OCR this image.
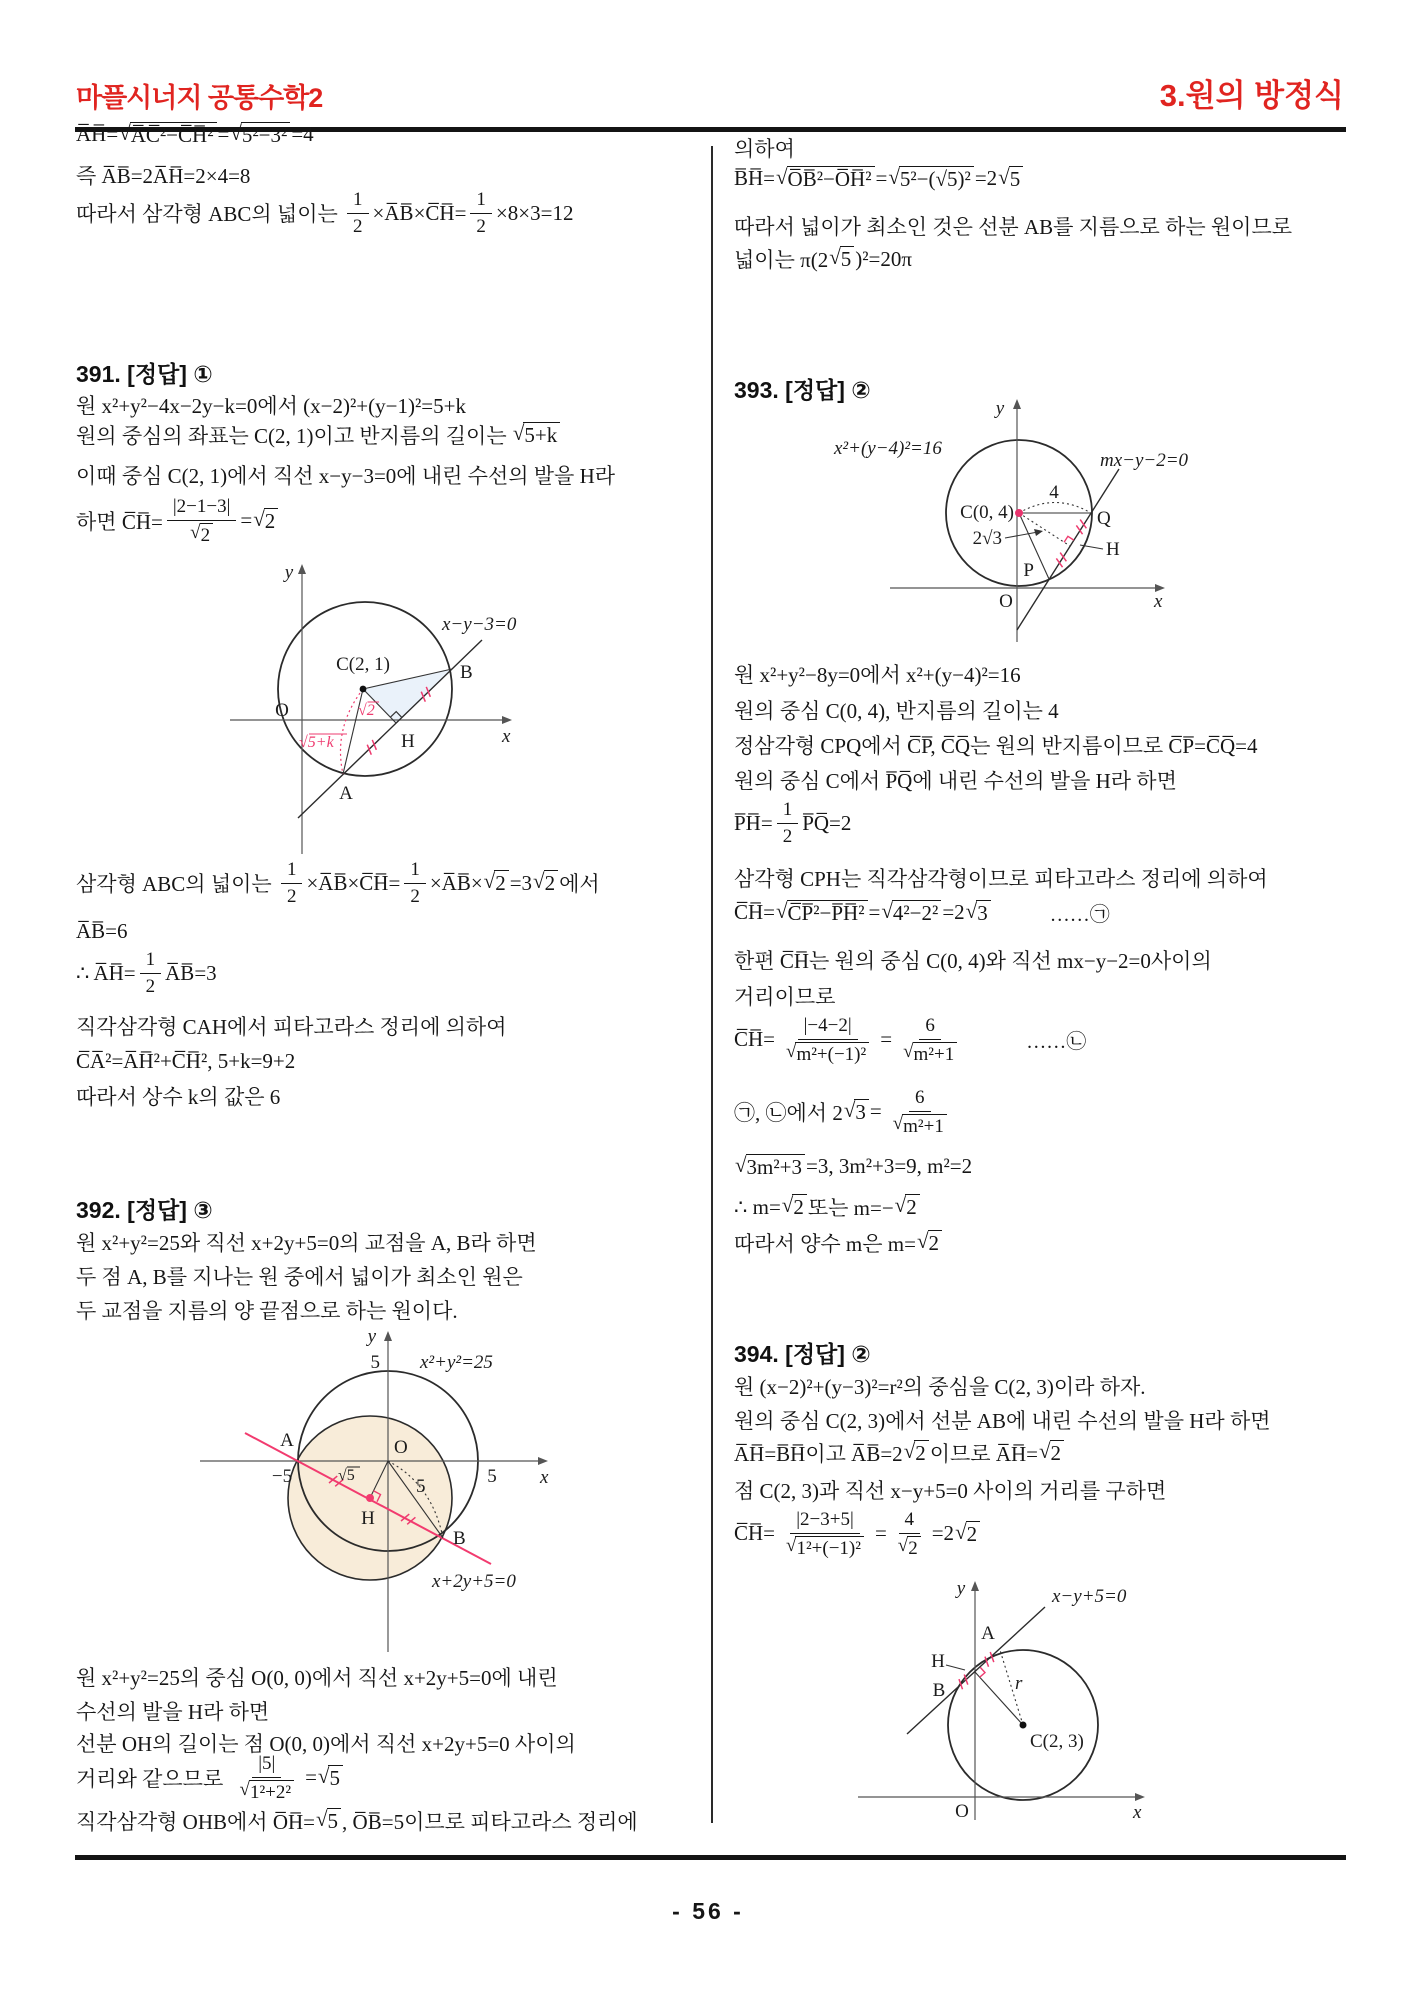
마플시너지 공통수학2	3.원의 방정식
- 56 -
A̅H̅= √ A̅C̅²−C̅H̅² = √ 5²−3² =4
즉 A̅B̅=2A̅H̅=2×4=8
따라서 삼각형 ABC의 넓이는
$\frac{1}{2}$ ×A̅B̅×C̅H̅= $\frac{1}{2} \times 8\times 3=12$
391. [정답] ①
원 x²+y²−4x−2y−k=0에서 (x−2)²+(y−1)²=5+k
원의 중심의 좌표는 C(2, 1)이고 반지름의 길이는
√ 5+k
이때 중심 C(2, 1)에서 직선 x−y−3=0에 내린 수선의 발을 H라
하면 C̅H̅= $\frac{|2-1-3|}{√ 2}$ = √ 2
√2
√5+k
x−y−3=0
C(2, 1)
O
A
B
H	x
y
삼각형 ABC의 넓이는
$\frac{1}{2}$ ×A̅B̅×C̅H̅= $\frac{1}{2}$ ×A̅B̅× √ 2 =3 √ 2 에서
A̅B̅=6
∴ A̅H̅= $\frac{1}{2}$ A̅B̅=3
직각삼각형 CAH에서 피타고라스 정리에 의하여
C̅A̅²=A̅H̅²+C̅H̅², 5+k=9+2
따라서 상수 k의 값은 6
392. [정답] ③
원 x²+y²=25와 직선 x+2y+5=0의 교점을 A, B라 하면
두 점 A, B를 지나는 원 중에서 넓이가 최소인 원은
두 교점을 지름의 양 끝점으로 하는 원이다.
√5
5
y
5 x²+y²=25
−5
A
5
O
B
H
x+2y+5=0
x
원 x²+y²=25의 중심 O(0, 0)에서 직선 x+2y+5=0에 내린
수선의 발을 H라 하면
선분 OH의 길이는 점 O(0, 0)에서 직선 x+2y+5=0 사이의
거리와 같으므로
$\frac{|5|}{\text{√ 1²+2²}}$ = √ 5
직각삼각형 OHB에서 O̅H̅= √ 5 , O̅B̅=5이므로 피타고라스 정리에
의하여
B̅H̅= √ O̅B̅²−O̅H̅² = √ 5²−(√5)² =2 √ 5
따라서 넓이가 최소인 것은 선분 AB를 지름으로 하는 원이므로
넓이는 π(2 √ 5 )²=20π
393. [정답] ②
4
2√3
C(0, 4)
x²+(y−4)²=16
mx−y−2=0
Q
P
H
O	x
y
원 x²+y²−8y=0에서 x²+(y−4)²=16
원의 중심 C(0, 4), 반지름의 길이는 4
정삼각형 CPQ에서 C̅P̅, C̅Q̅는 원의 반지름이므로 C̅P̅=C̅Q̅=4
원의 중심 C에서 P̅Q̅에 내린 수선의 발을 H라 하면
P̅H̅= $\frac{1}{2}$ P̅Q̅=2
삼각형 CPH는 직각삼각형이므로 피타고라스 정리에 의하여
C̅H̅= √ C̅P̅²−P̅H̅² = √ 4²−2² =2 √ 3	……㉠
한편 C̅H̅는 원의 중심 C(0, 4)와 직선 mx−y−2=0사이의
거리이므로
C̅H̅= $\frac{|-4-2|}{\text{√ m²+(−1)²}} = \frac{6}{\text{√ m²+1}}$	……㉡
㉠, ㉡에서 2 √ $3 = \frac{6}{\text{√ m²+1}}$
√ 3m²+3 =3, 3m²+3=9, m²=2
∴ m= √ 2 또는 m=− √ 2
따라서 양수 m은 m= √ 2
394. [정답] ②
원 (x−2)²+(y−3)²=r²의 중심을 C(2, 3)이라 하자.
원의 중심 C(2, 3)에서 선분 AB에 내린 수선의 발을 H라 하면
A̅H̅=B̅H̅이고 A̅B̅=2 √ 2 이므로 A̅H̅= √ 2
점 C(2, 3)과 직선 x−y+5=0 사이의 거리를 구하면
C̅H̅= $\frac{|2-3+5|}{\text{√ 1²+(−1)²}} = \frac{4}{√ 2} =2$ √ 2
x−y+5=0
A
H
B	r
C(2, 3)
O	x
y
